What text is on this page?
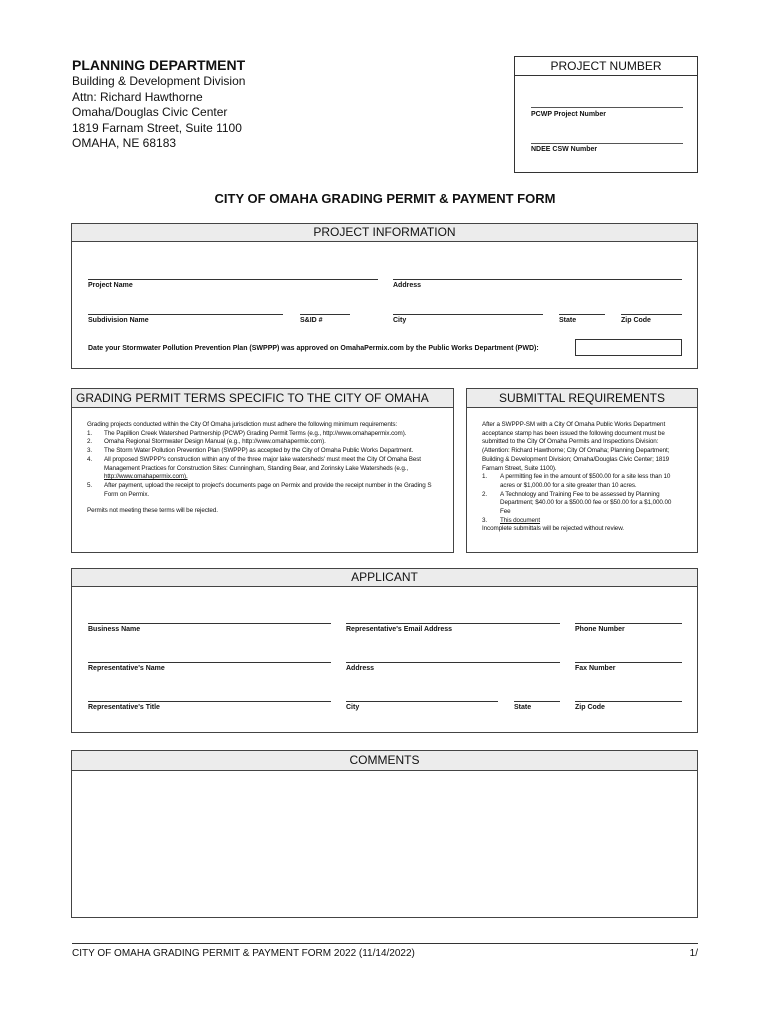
PLANNING DEPARTMENT
Building & Development Division
Attn: Richard Hawthorne
Omaha/Douglas Civic Center
1819 Farnam Street, Suite 1100
OMAHA, NE 68183
PROJECT NUMBER
PCWP Project Number
NDEE CSW Number
CITY OF OMAHA GRADING PERMIT & PAYMENT FORM
PROJECT INFORMATION
Project Name	Address
Subdivision Name	S&ID #	City	State	Zip Code
Date your Stormwater Pollution Prevention Plan (SWPPP) was approved on OmahaPermix.com by the Public Works Department (PWD):
GRADING PERMIT TERMS SPECIFIC TO THE CITY OF OMAHA
Grading projects conducted within the City Of Omaha jurisdiction must adhere the following minimum requirements:
1.	The Papillion Creek Watershed Partnership (PCWP) Grading Permit Terms (e.g., http://www.omahapermix.com).
2.	Omaha Regional Stormwater Design Manual (e.g., http://www.omahapermix.com).
3.	The Storm Water Pollution Prevention Plan (SWPPP) as accepted by the City of Omaha Public Works Department.
4.	All proposed SWPPP's construction within any of the three major lake watersheds' must meet the City Of Omaha Best
Management Practices for Construction Sites: Cunningham, Standing Bear, and Zorinsky Lake Watersheds (e.g.,
http://www.omahapermix.com).
5.	After payment, upload the receipt to project's documents page on Permix and provide the receipt number in the Grading S
Form on Permix.
Permits not meeting these terms will be rejected.
SUBMITTAL REQUIREMENTS
After a SWPPP-SM with a City Of Omaha Public Works Department
acceptance stamp has been issued the following document must be
submitted to the City Of Omaha Permits and Inspections Division:
(Attention: Richard Hawthorne; City Of Omaha; Planning Department;
Building & Development Division; Omaha/Douglas Civic Center; 1819
Farnam Street, Suite 1100).
1.	A permitting fee in the amount of $500.00 for a site less than 10
acres or $1,000.00 for a site greater than 10 acres.
2.	A Technology and Training Fee to be assessed by Planning
Department; $40.00 for a $500.00 fee or $50.00 for a $1,000.00
Fee
3.	This document
Incomplete submittals will be rejected without review.
APPLICANT
Business Name	Representative's Email Address	Phone Number
Representative's Name	Address	Fax Number
Representative's Title	City	State	Zip Code
COMMENTS
CITY OF OMAHA GRADING PERMIT & PAYMENT FORM 2022 (11/14/2022)	1/
